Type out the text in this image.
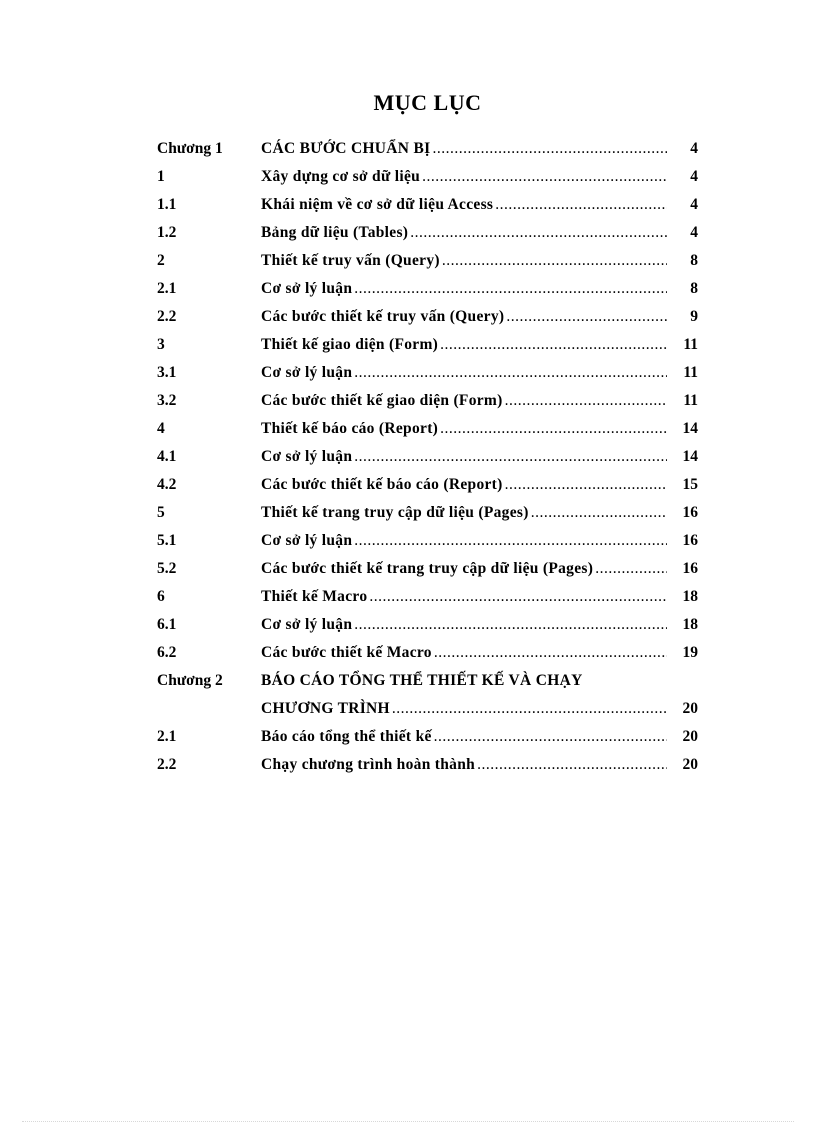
MỤC LỤC
Chương 1	CÁC BƯỚC CHUẨN BỊ .....	4
1	Xây dựng cơ sở dữ liệu .....	4
1.1	Khái niệm về cơ sở dữ liệu Access .....	4
1.2	Bảng dữ liệu (Tables) .....	4
2	Thiết kế truy vấn (Query) .....	8
2.1	Cơ sở lý luận .....	8
2.2	Các bước thiết kế truy vấn (Query) .....	9
3	Thiết kế giao diện (Form) .....	11
3.1	Cơ sở lý luận .....	11
3.2	Các bước thiết kế giao diện (Form) .....	11
4	Thiết kế báo cáo (Report) .....	14
4.1	Cơ sở lý luận .....	14
4.2	Các bước thiết kế báo cáo (Report) .....	15
5	Thiết kế trang truy cập dữ liệu (Pages) .....	16
5.1	Cơ sở lý luận .....	16
5.2	Các bước thiết kế trang truy cập dữ liệu (Pages) .....	16
6	Thiết kế Macro .....	18
6.1	Cơ sở lý luận .....	18
6.2	Các bước thiết kế Macro .....	19
Chương 2	BÁO CÁO TỔNG THỂ THIẾT KẾ VÀ CHẠY
CHƯƠNG TRÌNH .....	20
2.1	Báo cáo tổng thể thiết kế .....	20
2.2	Chạy chương trình hoàn thành .....	20
